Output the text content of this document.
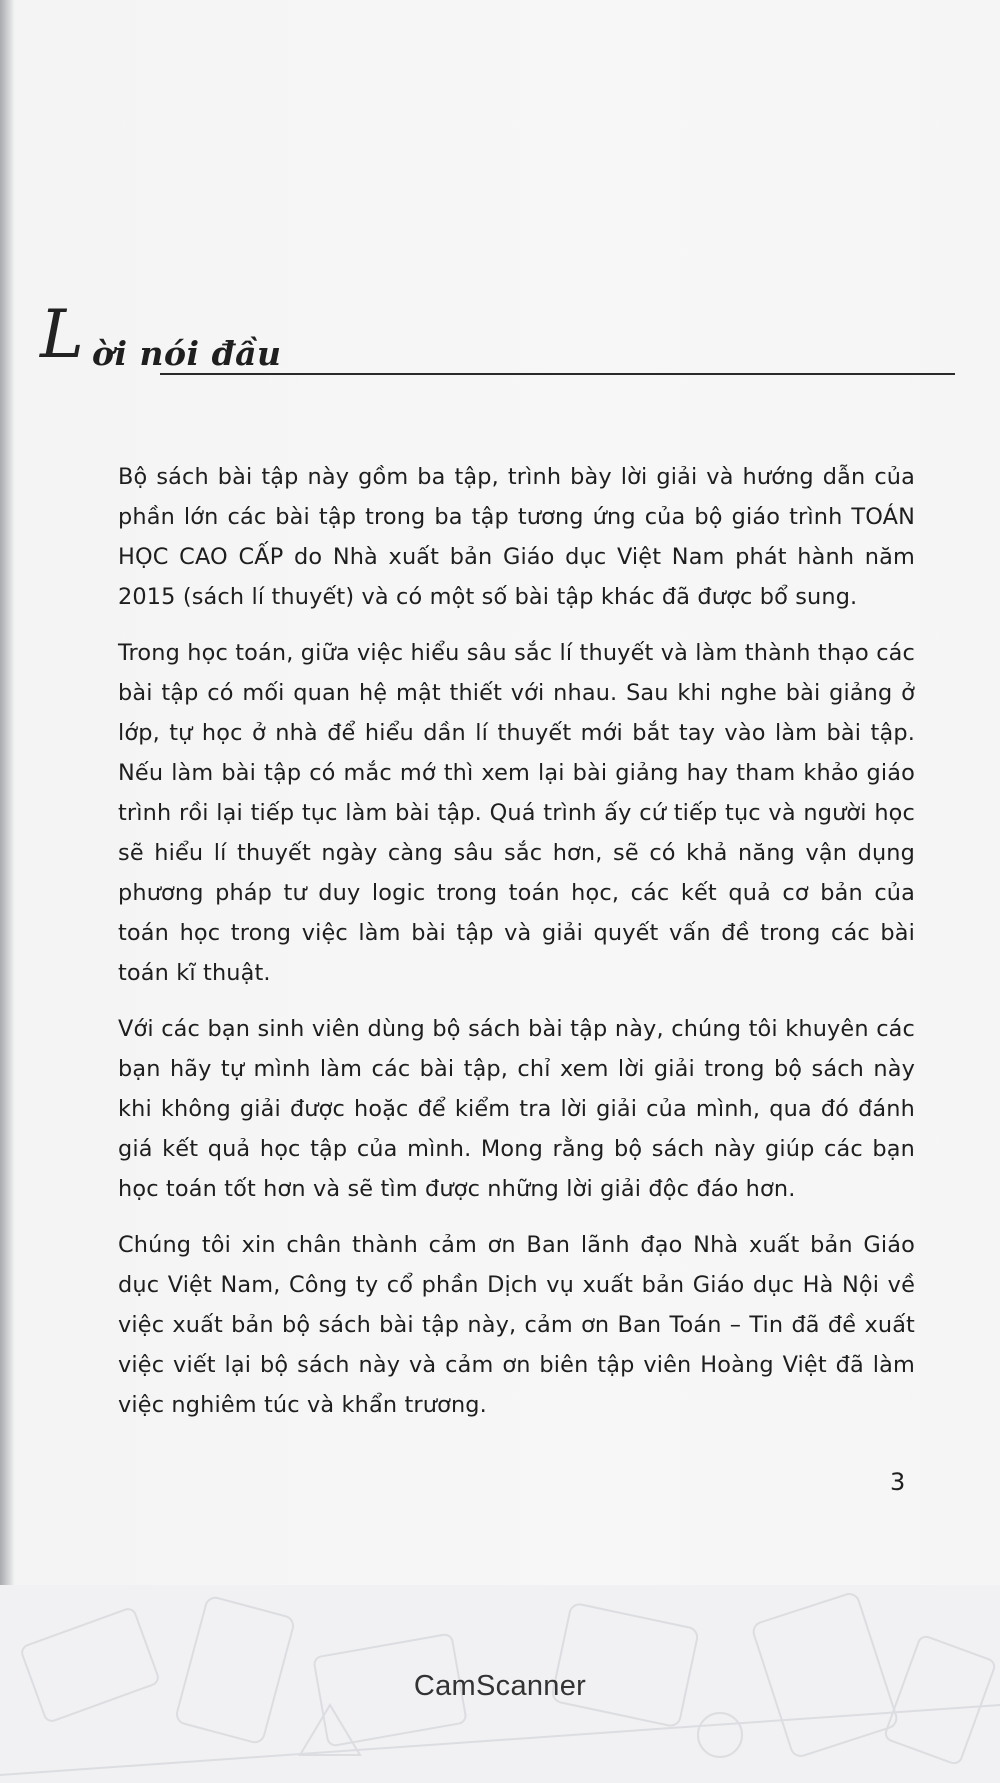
L ời nói đầu

Bộ sách bài tập này gồm ba tập, trình bày lời giải và hướng dẫn của phần lớn các bài tập trong ba tập tương ứng của bộ giáo trình TOÁN HỌC CAO CẤP do Nhà xuất bản Giáo dục Việt Nam phát hành năm 2015 (sách lí thuyết) và có một số bài tập khác đã được bổ sung.

Trong học toán, giữa việc hiểu sâu sắc lí thuyết và làm thành thạo các bài tập có mối quan hệ mật thiết với nhau. Sau khi nghe bài giảng ở lớp, tự học ở nhà để hiểu dần lí thuyết mới bắt tay vào làm bài tập. Nếu làm bài tập có mắc mớ thì xem lại bài giảng hay tham khảo giáo trình rồi lại tiếp tục làm bài tập. Quá trình ấy cứ tiếp tục và người học sẽ hiểu lí thuyết ngày càng sâu sắc hơn, sẽ có khả năng vận dụng phương pháp tư duy logic trong toán học, các kết quả cơ bản của toán học trong việc làm bài tập và giải quyết vấn đề trong các bài toán kĩ thuật.

Với các bạn sinh viên dùng bộ sách bài tập này, chúng tôi khuyên các bạn hãy tự mình làm các bài tập, chỉ xem lời giải trong bộ sách này khi không giải được hoặc để kiểm tra lời giải của mình, qua đó đánh giá kết quả học tập của mình. Mong rằng bộ sách này giúp các bạn học toán tốt hơn và sẽ tìm được những lời giải độc đáo hơn.

Chúng tôi xin chân thành cảm ơn Ban lãnh đạo Nhà xuất bản Giáo dục Việt Nam, Công ty cổ phần Dịch vụ xuất bản Giáo dục Hà Nội về việc xuất bản bộ sách bài tập này, cảm ơn Ban Toán – Tin đã đề xuất việc viết lại bộ sách này và cảm ơn biên tập viên Hoàng Việt đã làm việc nghiêm túc và khẩn trương.

3
CamScanner
